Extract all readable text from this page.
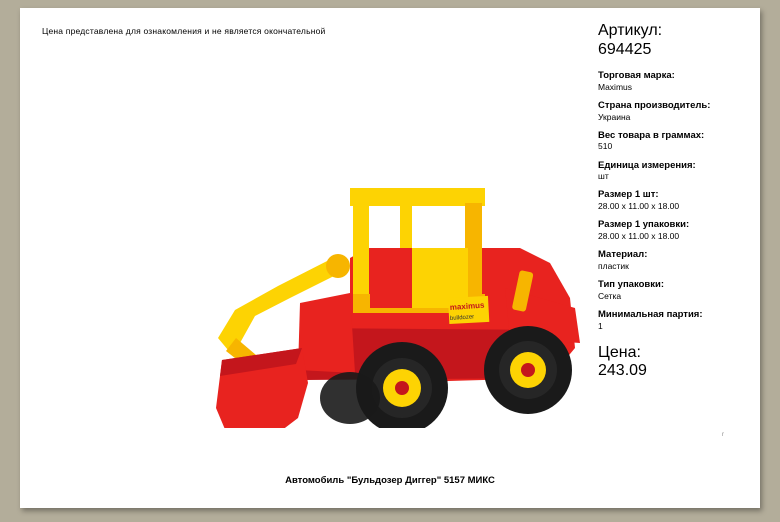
Цена представлена для ознакомления и не является окончательной
maximus
bulldozer
Артикул:
694425
Торговая марка:
Maximus
Страна производитель:
Украина
Вес товара в граммах:
510
Единица измерения:
шт
Размер 1 шт:
28.00 x 11.00 x 18.00
Размер 1 упаковки:
28.00 x 11.00 x 18.00
Материал:
пластик
Тип упаковки:
Сетка
Минимальная партия:
1
Цена:
243.09
r
Автомобиль "Бульдозер Диггер" 5157 МИКС
